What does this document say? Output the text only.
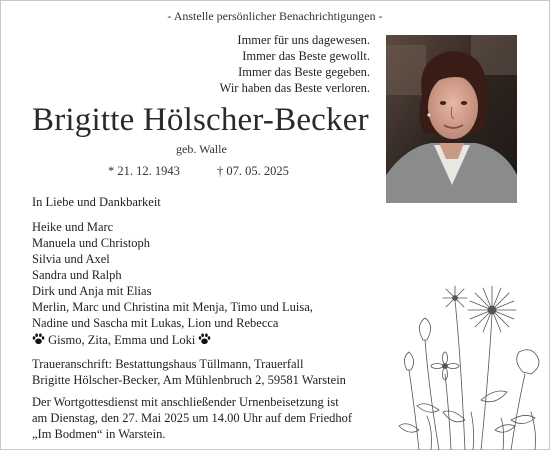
- Anstelle persönlicher Benachrichtigungen -
Immer für uns dagewesen.
Immer das Beste gewollt.
Immer das Beste gegeben.
Wir haben das Beste verloren.
Brigitte Hölscher-Becker
geb. Walle
* 21. 12. 1943	† 07. 05. 2025
In Liebe und Dankbarkeit
Heike und Marc
Manuela und Christoph
Silvia und Axel
Sandra und Ralph
Dirk und Anja mit Elias
Merlin, Marc und Christina mit Menja, Timo und Luisa,
Nadine und Sascha mit Lukas, Lion und Rebecca
Gismo, Zita, Emma und Loki
Traueranschrift: Bestattungshaus Tüllmann, Trauerfall
Brigitte Hölscher-Becker, Am Mühlenbruch 2, 59581 Warstein
Der Wortgottesdienst mit anschließender Urnenbeisetzung ist
am Dienstag, den 27. Mai 2025 um 14.00 Uhr auf dem Friedhof
„Im Bodmen“ in Warstein.
